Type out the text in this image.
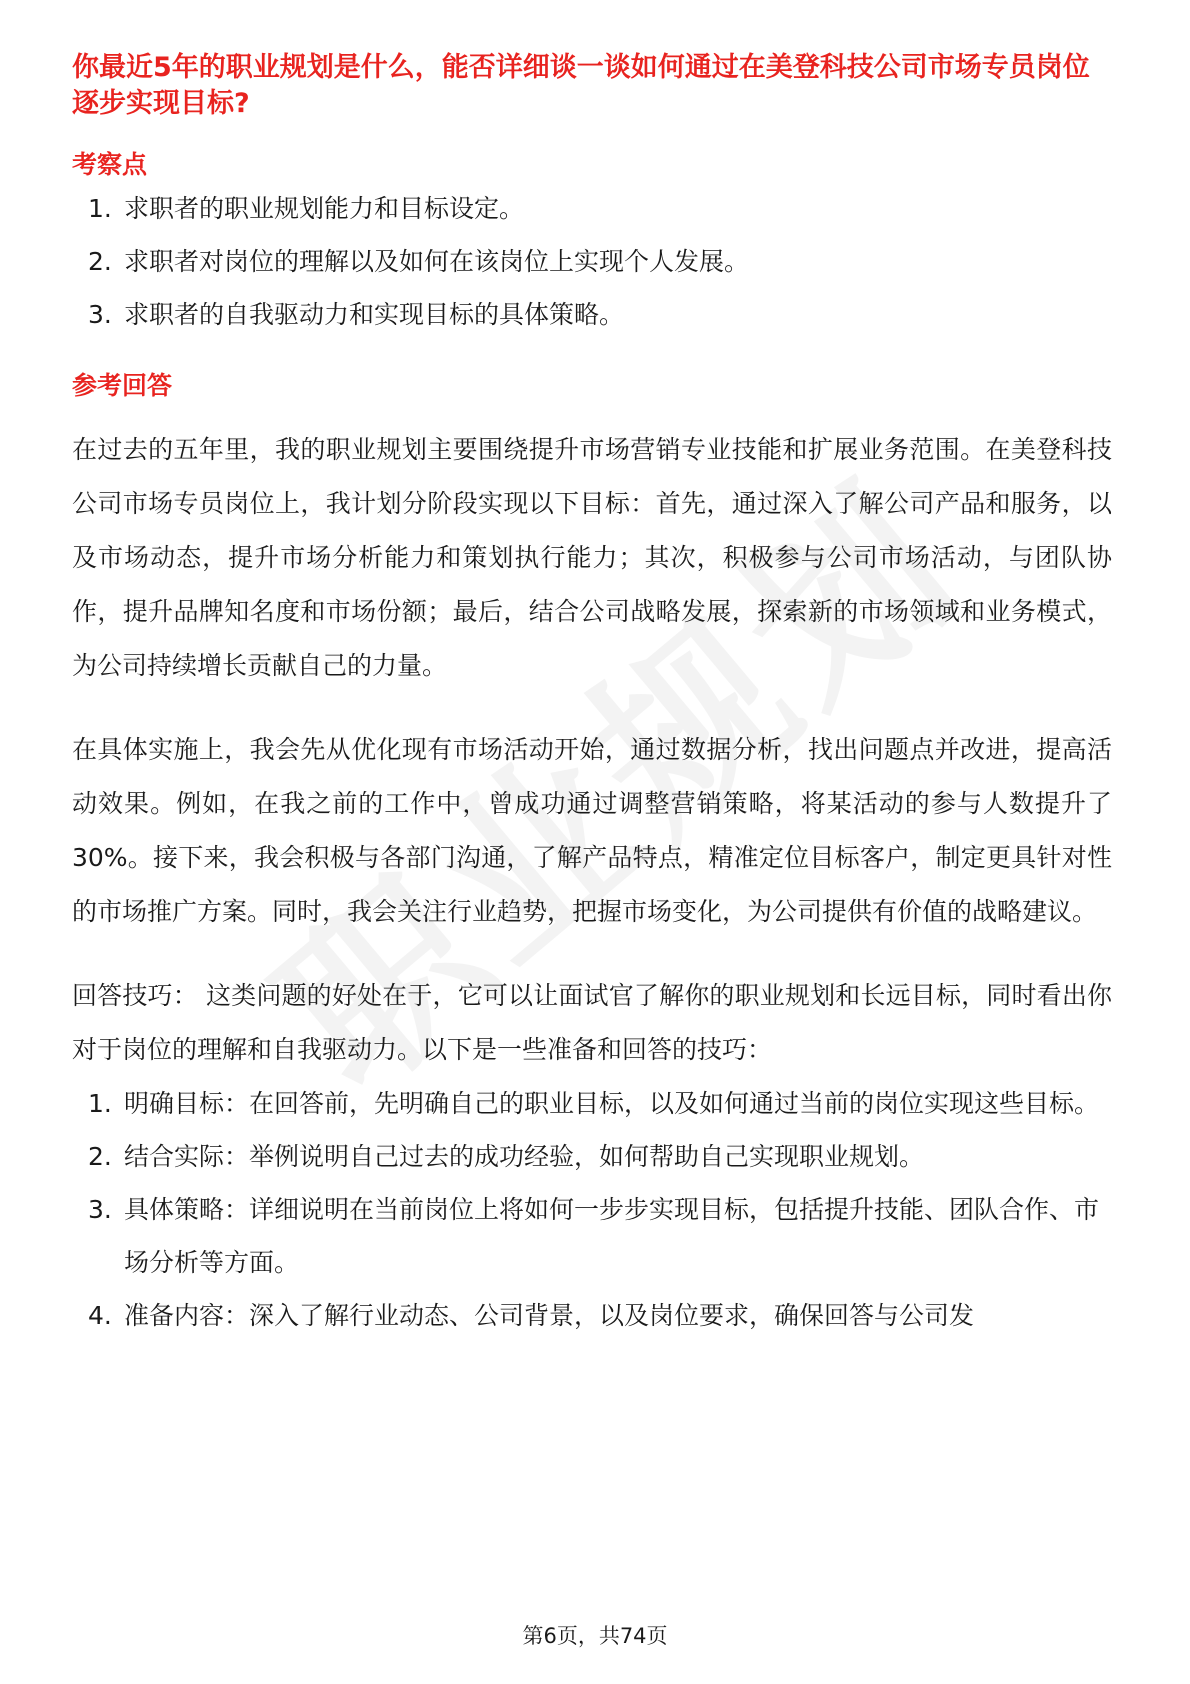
你最近5年的职业规划是什么，能否详细谈一谈如何通过在美登科技公司市场专员岗位逐步实现目标?

考察点
1. 求职者的职业规划能力和目标设定。
2. 求职者对岗位的理解以及如何在该岗位上实现个人发展。
3. 求职者的自我驱动力和实现目标的具体策略。
参考回答

在过去的五年里，我的职业规划主要围绕提升市场营销专业技能和扩展业务范围。在美登科技公司市场专员岗位上，我计划分阶段实现以下目标：首先，通过深入了解公司产品和服务，以及市场动态，提升市场分析能力和策划执行能力；其次，积极参与公司市场活动，与团队协作，提升品牌知名度和市场份额；最后，结合公司战略发展，探索新的市场领域和业务模式，为公司持续增长贡献自己的力量。

在具体实施上，我会先从优化现有市场活动开始，通过数据分析，找出问题点并改进，提高活动效果。例如，在我之前的工作中，曾成功通过调整营销策略，将某活动的参与人数提升了30%。接下来，我会积极与各部门沟通，了解产品特点，精准定位目标客户，制定更具针对性的市场推广方案。同时，我会关注行业趋势，把握市场变化，为公司提供有价值的战略建议。

回答技巧： 这类问题的好处在于，它可以让面试官了解你的职业规划和长远目标，同时看出你对于岗位的理解和自我驱动力。以下是一些准备和回答的技巧：

1. 明确目标：在回答前，先明确自己的职业目标，以及如何通过当前的岗位实现这些目标。
2. 结合实际：举例说明自己过去的成功经验，如何帮助自己实现职业规划。
3. 具体策略：详细说明在当前岗位上将如何一步步实现目标，包括提升技能、团队合作、市场分析等方面。
4. 准备内容：深入了解行业动态、公司背景，以及岗位要求，确保回答与公司发
第6页，共74页
